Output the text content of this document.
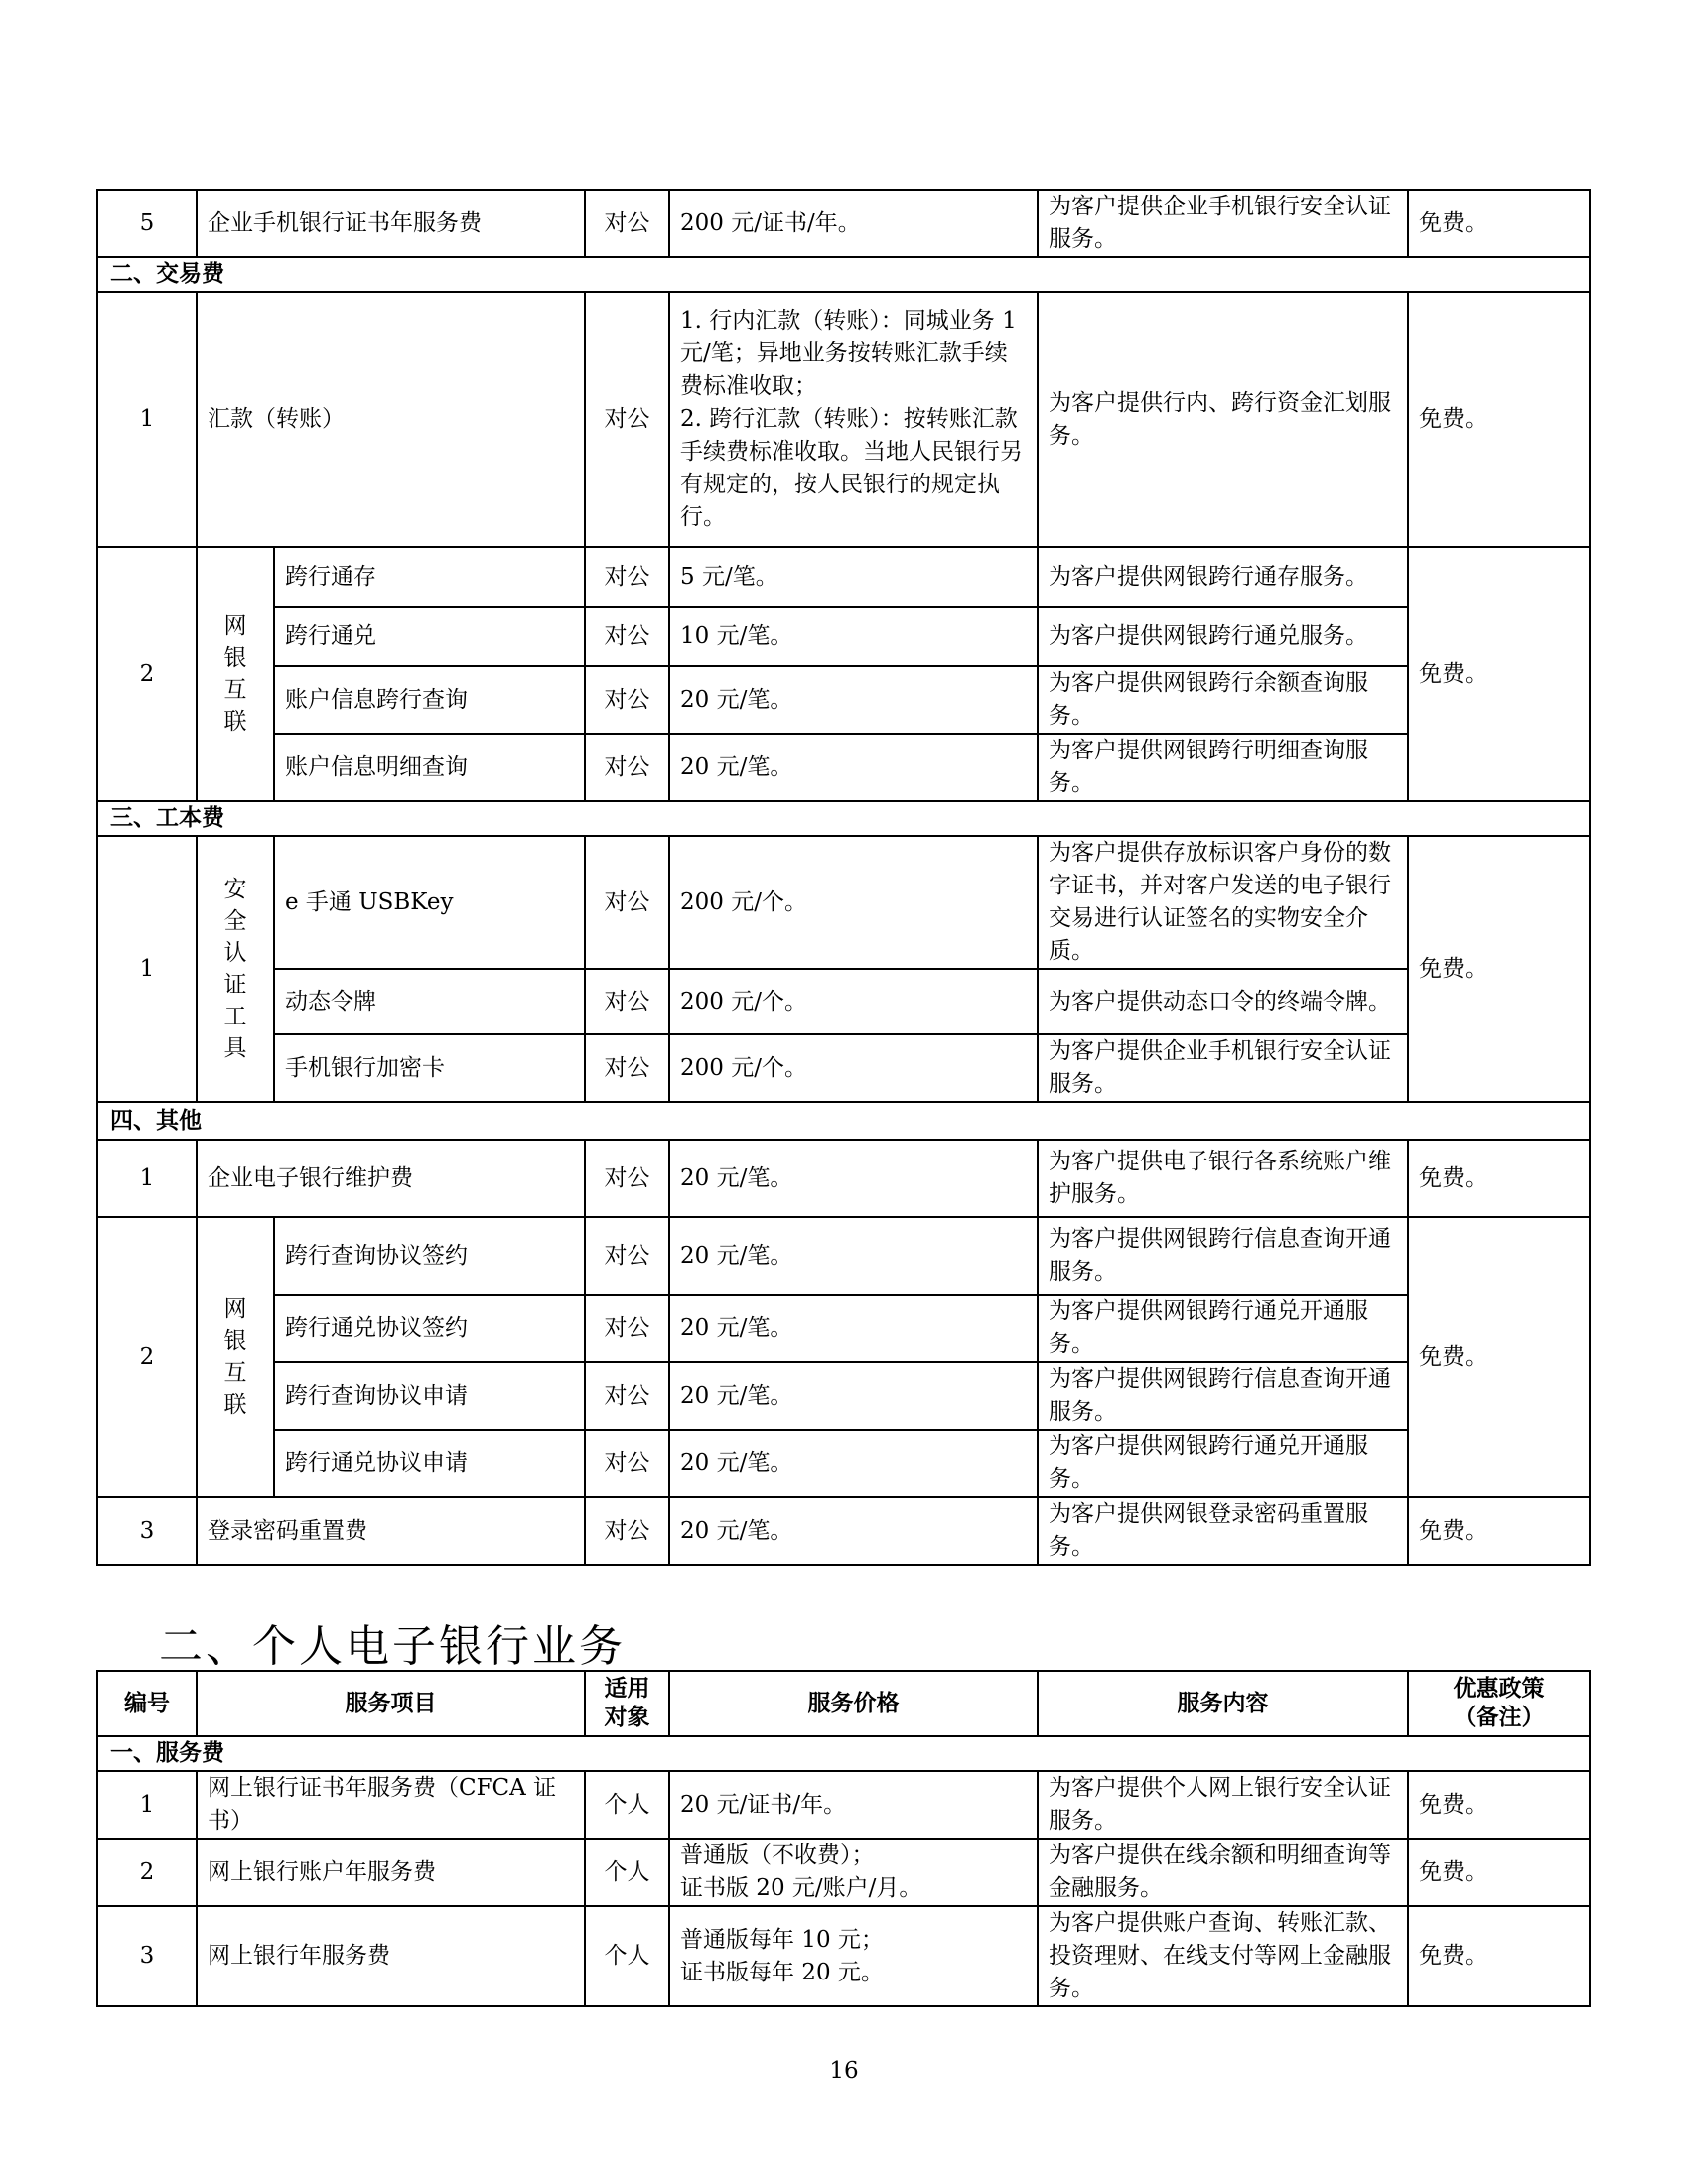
5	企业手机银行证书年服务费		对公	200 元/证书/年。	为客户提供企业手机银行安全认证服务。	免费。
二、交易费						
1	汇款（转账）		对公	1. 行内汇款（转账）：同城业务 1 元/笔；异地业务按转账汇款手续费标准收取；
2. 跨行汇款（转账）：按转账汇款手续费标准收取。当地人民银行另有规定的，按人民银行的规定执行。	为客户提供行内、跨行资金汇划服务。	免费。
2	网银互联	跨行通存	对公	5 元/笔。	为客户提供网银跨行通存服务。	免费。
		跨行通兑	对公	10 元/笔。	为客户提供网银跨行通兑服务。	
		账户信息跨行查询	对公	20 元/笔。	为客户提供网银跨行余额查询服务。	
		账户信息明细查询	对公	20 元/笔。	为客户提供网银跨行明细查询服务。	
三、工本费						
1	安全认证工具	e 手通 USBKey	对公	200 元/个。	为客户提供存放标识客户身份的数字证书，并对客户发送的电子银行交易进行认证签名的实物安全介质。	免费。
		动态令牌	对公	200 元/个。	为客户提供动态口令的终端令牌。	
		手机银行加密卡	对公	200 元/个。	为客户提供企业手机银行安全认证服务。	
四、其他						
1	企业电子银行维护费		对公	20 元/笔。	为客户提供电子银行各系统账户维护服务。	免费。
2	网银互联	跨行查询协议签约	对公	20 元/笔。	为客户提供网银跨行信息查询开通服务。	免费。
		跨行通兑协议签约	对公	20 元/笔。	为客户提供网银跨行通兑开通服务。	
		跨行查询协议申请	对公	20 元/笔。	为客户提供网银跨行信息查询开通服务。	
		跨行通兑协议申请	对公	20 元/笔。	为客户提供网银跨行通兑开通服务。	
3	登录密码重置费		对公	20 元/笔。	为客户提供网银登录密码重置服务。	免费。
二、个人电子银行业务
编号	服务项目	适用对象	服务价格	服务内容	优惠政策（备注）
一、服务费					
1	网上银行证书年服务费（CFCA 证书）	个人	20 元/证书/年。	为客户提供个人网上银行安全认证服务。	免费。
2	网上银行账户年服务费	个人	普通版（不收费）；
证书版 20 元/账户/月。	为客户提供在线余额和明细查询等金融服务。	免费。
3	网上银行年服务费	个人	普通版每年 10 元；
证书版每年 20 元。	为客户提供账户查询、转账汇款、投资理财、在线支付等网上金融服务。	免费。
16
